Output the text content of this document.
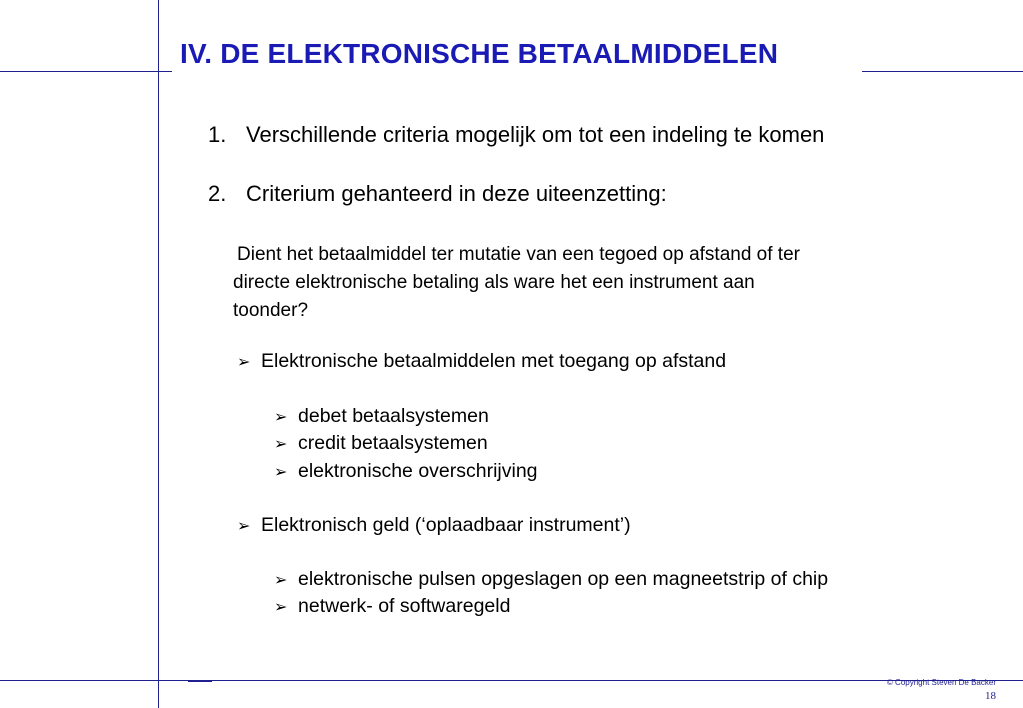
IV. DE ELEKTRONISCHE BETAALMIDDELEN
1. Verschillende criteria mogelijk om tot een indeling te komen
2. Criterium gehanteerd in deze uiteenzetting:
Dient het betaalmiddel ter mutatie van een tegoed op afstand of ter
directe elektronische betaling als ware het een instrument aan
toonder?
➢ Elektronische betaalmiddelen met toegang op afstand
➢ debet betaalsystemen
➢ credit betaalsystemen
➢ elektronische overschrijving
➢ Elektronisch geld (‘oplaadbaar instrument’)
➢ elektronische pulsen opgeslagen op een magneetstrip of chip
➢ netwerk- of softwaregeld
© Copyright Steven De Backer
18
